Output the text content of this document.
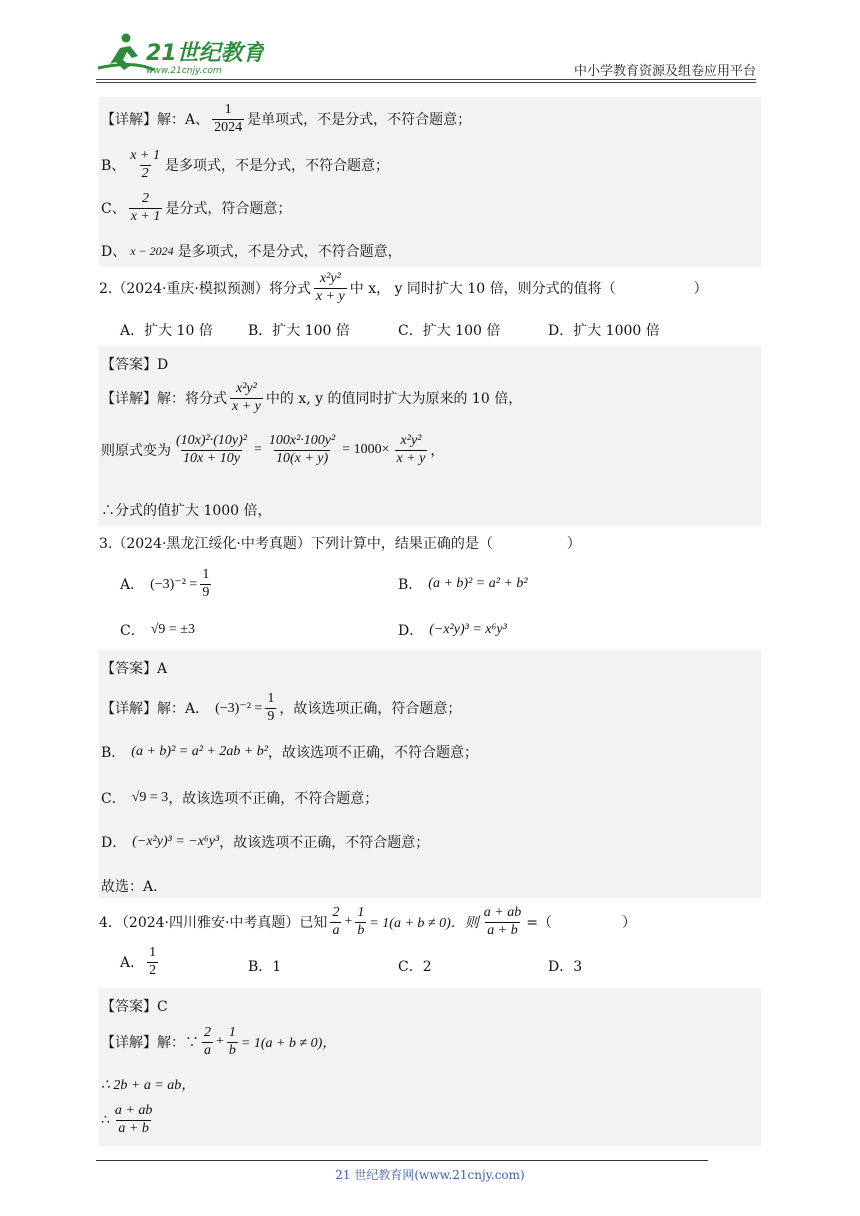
21世纪教育
www.21cnjy.com	中小学教育资源及组卷应用平台
【详解】解：A、 $\frac{1}{2024}$ 是单项式，不是分式，不符合题意；
B、 $\frac{x + 1}{2}$ 是多项式，不是分式，不符合题意；
C、 $\frac{2}{x + 1}$ 是分式，符合题意；
D、 x − 2024 是多项式，不是分式，不符合题意，
2.（2024·重庆·模拟预测）将分式 $\frac{\text{x²y²}}{x + y}$ 中 x， y 同时扩大 10 倍，则分式的值将（	）
A．扩大 10 倍	B．扩大 100 倍	C．扩大 100 倍	D．扩大 1000 倍
【答案】D
【详解】解：将分式 $\frac{\text{x²y²}}{x + y}$ 中的 x, y 的值同时扩大为原来的 10 倍，
则原式变为 $\frac{\text{(10x)²·(10y)²}}{10x + 10y} = \frac{\text{100x²·100y²}}{10(x + y)} = 1000\times \frac{\text{x²y²}}{x + y}$ ，
∴分式的值扩大 1000 倍，
3.（2024·黑龙江绥化·中考真题）下列计算中，结果正确的是（	）
A． $(-3)^{-2} = \frac{1}{9}$	B． (a + b)² = a² + b²
C． √9 = ±3	D． (−x²y)³ = x⁶y³
【答案】A
【详解】解：A． $(-3)^{-2} = \frac{1}{9}$ ，故该选项正确，符合题意；
B． (a + b)² = a² + 2ab + b² ，故该选项不正确，不符合题意；
C． √9 = 3 ，故该选项不正确，不符合题意；
D． (−x²y)³ = −x⁶y³ ，故该选项不正确，不符合题意；
故选：A．
4．（2024·四川雅安·中考真题）已知 $\frac{2}{a} + \frac{1}{b} = 1(a + b \ne 0)$．则 $\frac{a + ab}{a + b}$ =（	）
A． $\frac{1}{2}$	B．1	C．2	D．3
【答案】C
【详解】解：∵ $\frac{2}{a} + \frac{1}{b} = 1(a + b \ne 0)$，
∴ 2b + a = ab，
∴ $\frac{a + ab}{a + b}$
21 世纪教育网(www.21cnjy.com)
